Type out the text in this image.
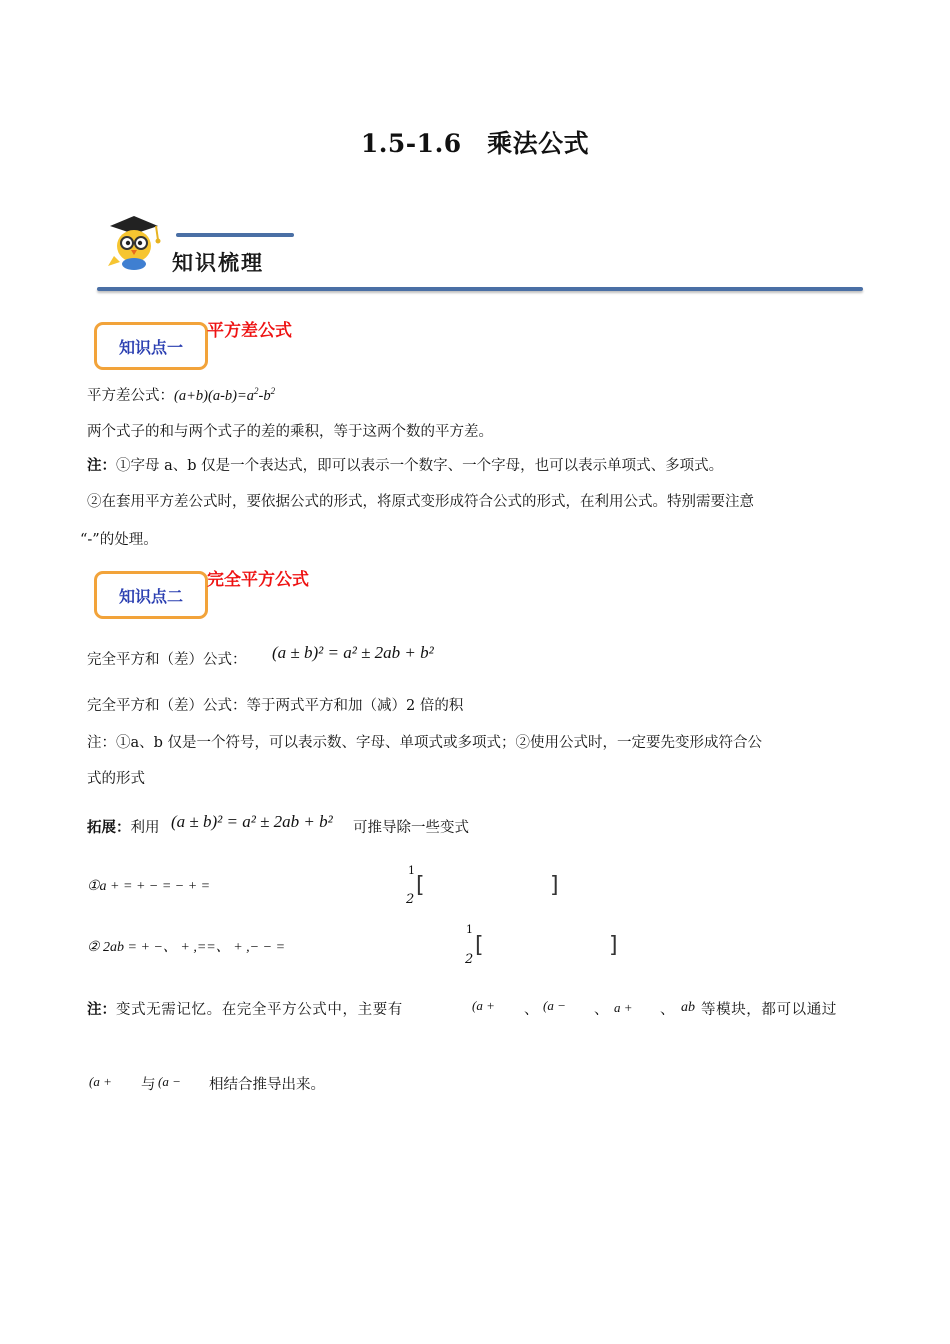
1.5-1.6　乘法公式
知识梳理
知识点一
平方差公式
平方差公式：$(a+b)(a-b)=a^2-b^2$
两个式子的和与两个式子的差的乘积，等于这两个数的平方差。
注：①字母 a、b 仅是一个表达式，即可以表示一个数字、一个字母，也可以表示单项式、多项式。
②在套用平方差公式时，要依据公式的形式，将原式变形成符合公式的形式，在利用公式。特别需要注意
“-”的处理。
知识点二
完全平方公式
完全平方和（差）公式： (a ± b)² = a² ± 2ab + b²
完全平方和（差）公式：等于两式平方和加（减）2 倍的积
注：①a、b 仅是一个符号，可以表示数、字母、单项式或多项式；②使用公式时，一定要先变形成符合公
式的形式
拓展：利用 (a ± b)² = a² ± 2ab + b² 可推导除一些变式
①a + = + − = − + =
1
2
[	]
② 2ab = + −、 + ,==、 + ,− − =
1
2
[	]
注：变式无需记忆。在完全平方公式中，主要有	(a + 、 (a − 、 a + 、 ab 等模块，都可以通过
(a + 与 (a − 相结合推导出来。
